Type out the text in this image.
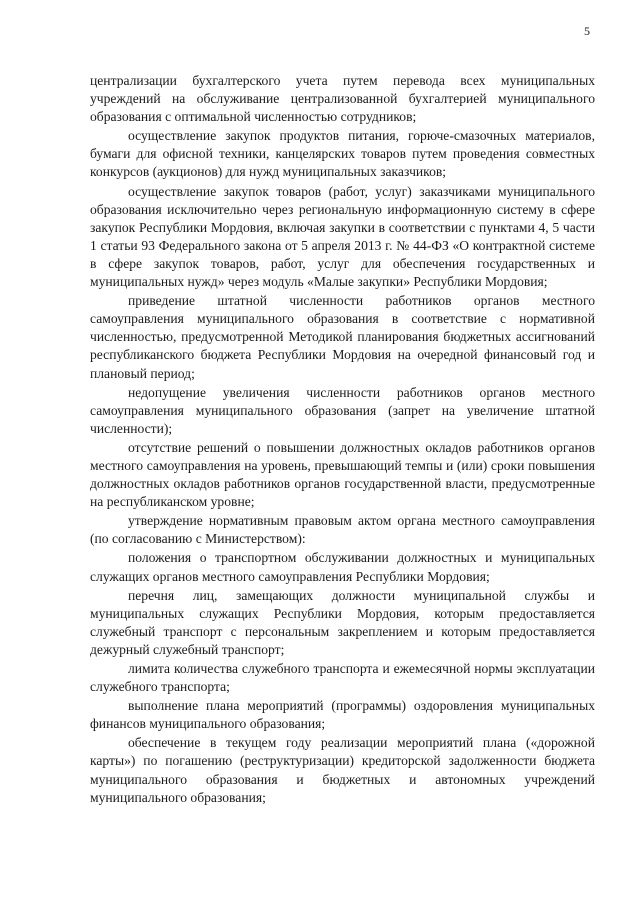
5

централизации бухгалтерского учета путем перевода всех муниципальных учреждений на обслуживание централизованной бухгалтерией муниципального образования с оптимальной численностью сотрудников;

осуществление закупок продуктов питания, горюче-смазочных материалов, бумаги для офисной техники, канцелярских товаров путем проведения совместных конкурсов (аукционов) для нужд муниципальных заказчиков;

осуществление закупок товаров (работ, услуг) заказчиками муниципального образования исключительно через региональную информационную систему в сфере закупок Республики Мордовия, включая закупки в соответствии с пунктами 4, 5 части 1 статьи 93 Федерального закона от 5 апреля 2013 г. № 44-ФЗ «О контрактной системе в сфере закупок товаров, работ, услуг для обеспечения государственных и муниципальных нужд» через модуль «Малые закупки» Республики Мордовия;

приведение штатной численности работников органов местного самоуправления муниципального образования в соответствие с нормативной численностью, предусмотренной Методикой планирования бюджетных ассигнований республиканского бюджета Республики Мордовия на очередной финансовый год и плановый период;

недопущение увеличения численности работников органов местного самоуправления муниципального образования (запрет на увеличение штатной численности);

отсутствие решений о повышении должностных окладов работников органов местного самоуправления на уровень, превышающий темпы и (или) сроки повышения должностных окладов работников органов государственной власти, предусмотренные на республиканском уровне;

утверждение нормативным правовым актом органа местного самоуправления (по согласованию с Министерством):

положения о транспортном обслуживании должностных и муниципальных служащих органов местного самоуправления Республики Мордовия;

перечня лиц, замещающих должности муниципальной службы и муниципальных служащих Республики Мордовия, которым предоставляется служебный транспорт с персональным закреплением и которым предоставляется дежурный служебный транспорт;

лимита количества служебного транспорта и ежемесячной нормы эксплуатации служебного транспорта;

выполнение плана мероприятий (программы) оздоровления муниципальных финансов муниципального образования;

обеспечение в текущем году реализации мероприятий плана («дорожной карты») по погашению (реструктуризации) кредиторской задолженности бюджета муниципального образования и бюджетных и автономных учреждений муниципального образования;
